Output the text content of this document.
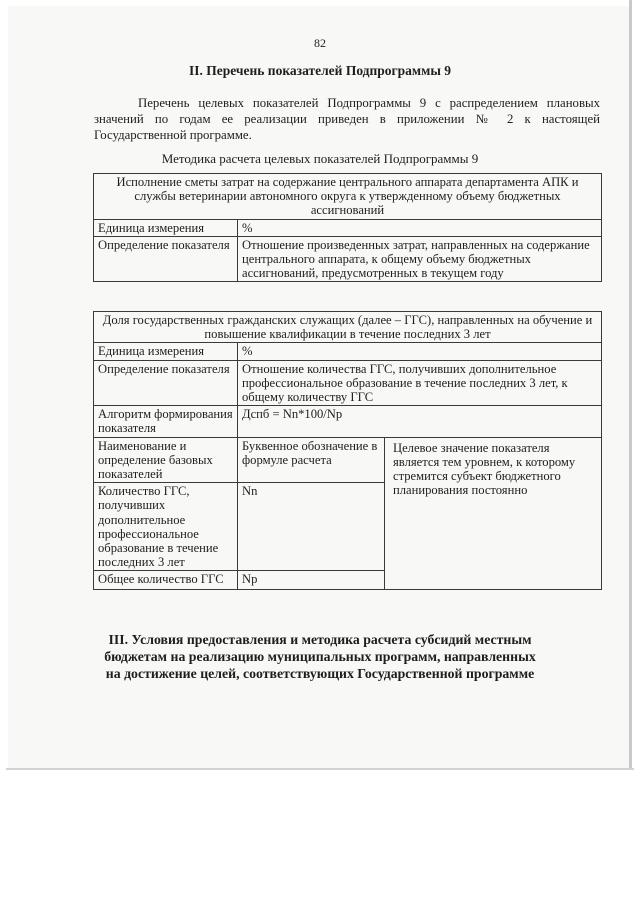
82
II. Перечень показателей Подпрограммы 9
Перечень целевых показателей Подпрограммы 9 с распределением плановых значений по годам ее реализации приведен в приложении № 2 к настоящей Государственной программе.
Методика расчета целевых показателей Подпрограммы 9
Исполнение сметы затрат на содержание центрального аппарата департамента АПК и службы ветеринарии автономного округа к утвержденному объему бюджетных ассигнований	
Единица измерения	%
Определение показателя	Отношение произведенных затрат, направленных на содержание центрального аппарата, к общему объему бюджетных ассигнований, предусмотренных в текущем году
Доля государственных гражданских служащих (далее – ГГС), направленных на обучение и повышение квалификации в течение последних 3 лет		
Единица измерения	%	
Определение показателя	Отношение количества ГГС, получивших дополнительное профессиональное образование в течение последних 3 лет, к общему количеству ГГС	
Алгоритм формирования показателя	Дспб = Nn*100/Np	
Наименование и определение базовых показателей	Буквенное обозначение в формуле расчета	Целевое значение показателя является тем уровнем, к которому стремится субъект бюджетного планирования постоянно
Количество ГГС, получивших дополнительное профессиональное образование в течение последних 3 лет	Nn	
Общее количество ГГС	Np	
III. Условия предоставления и методика расчета субсидий местным бюджетам на реализацию муниципальных программ, направленных на достижение целей, соответствующих Государственной программе
